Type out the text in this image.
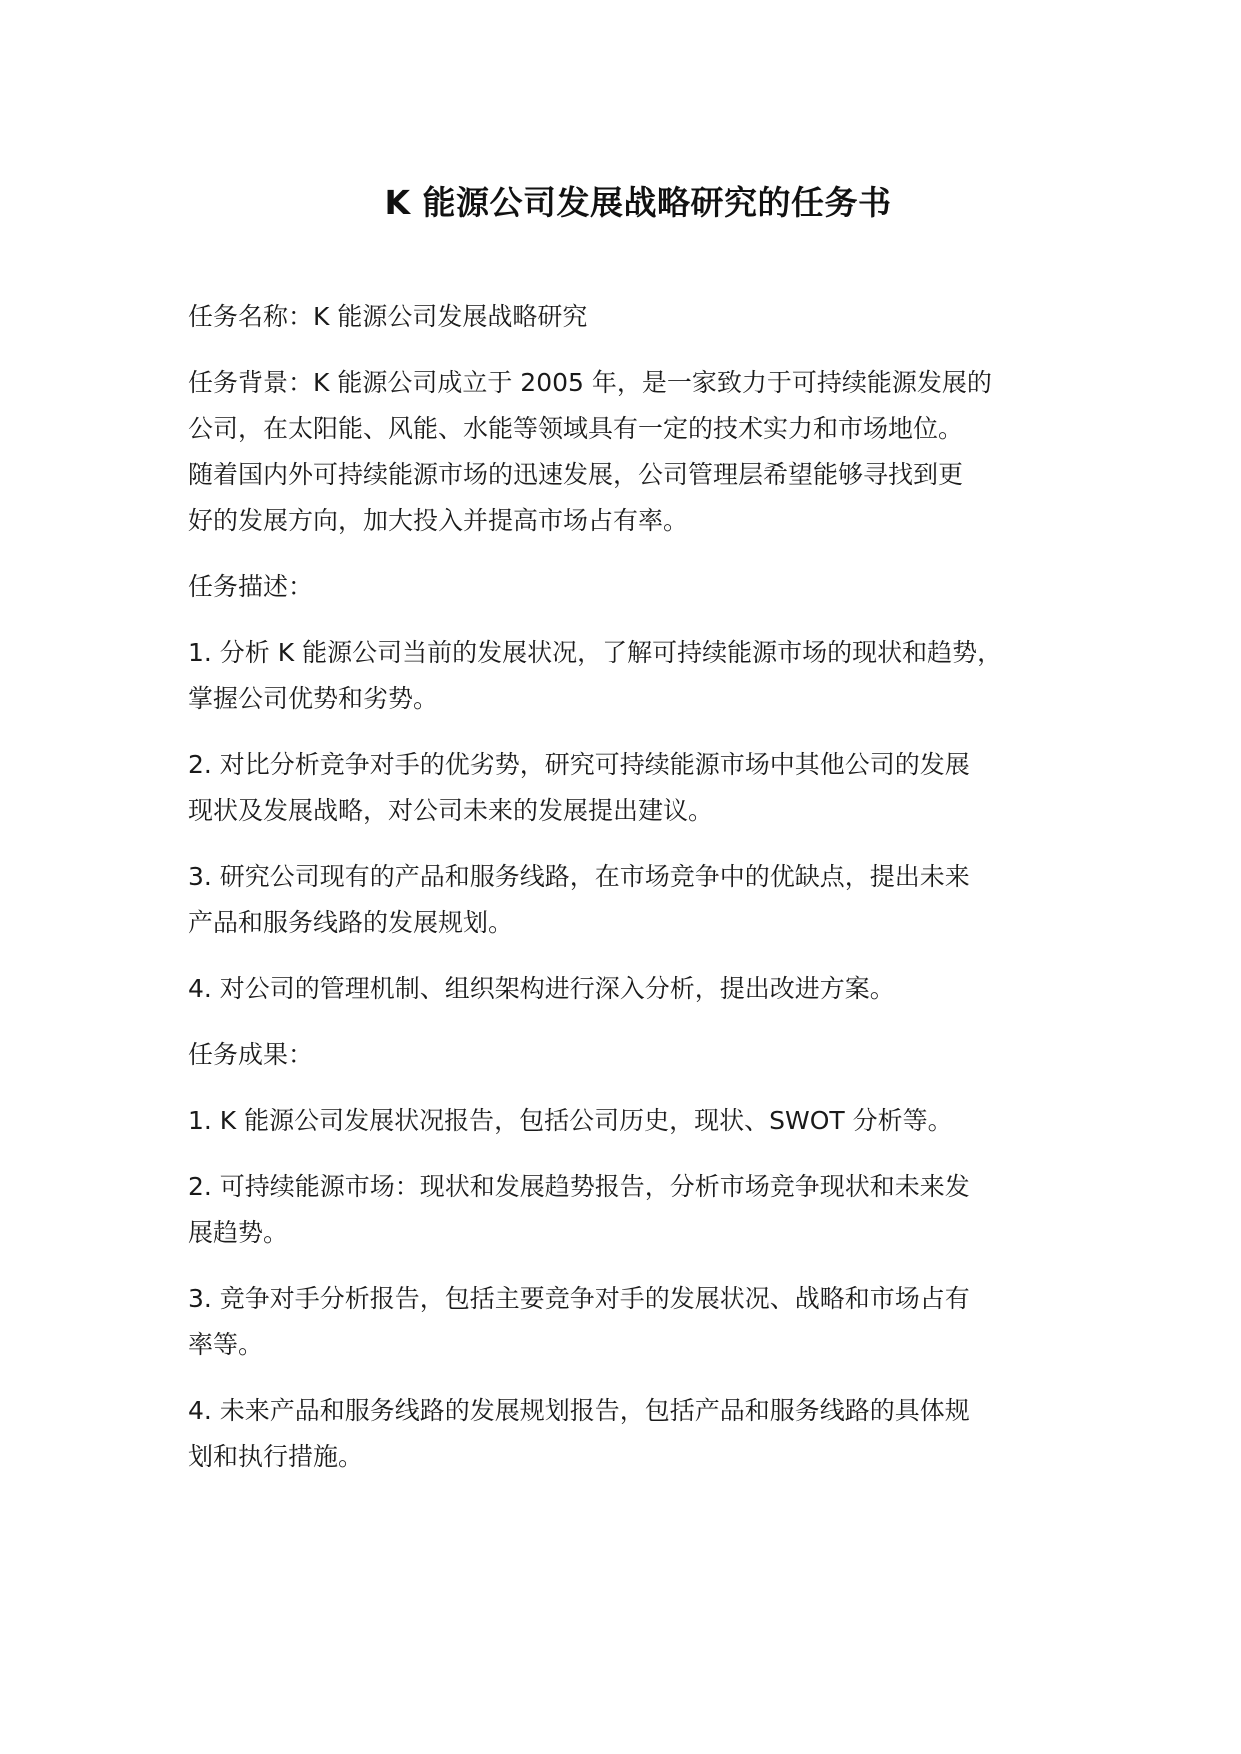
K 能源公司发展战略研究的任务书

任务名称：K 能源公司发展战略研究

任务背景：K 能源公司成立于 2005 年，是一家致力于可持续能源发展的
公司，在太阳能、风能、水能等领域具有一定的技术实力和市场地位。
随着国内外可持续能源市场的迅速发展，公司管理层希望能够寻找到更
好的发展方向，加大投入并提高市场占有率。

任务描述：

1. 分析 K 能源公司当前的发展状况，了解可持续能源市场的现状和趋势，
掌握公司优势和劣势。

2. 对比分析竞争对手的优劣势，研究可持续能源市场中其他公司的发展
现状及发展战略，对公司未来的发展提出建议。

3. 研究公司现有的产品和服务线路，在市场竞争中的优缺点，提出未来
产品和服务线路的发展规划。

4. 对公司的管理机制、组织架构进行深入分析，提出改进方案。

任务成果：

1. K 能源公司发展状况报告，包括公司历史，现状、SWOT 分析等。

2. 可持续能源市场：现状和发展趋势报告，分析市场竞争现状和未来发
展趋势。

3. 竞争对手分析报告，包括主要竞争对手的发展状况、战略和市场占有
率等。

4. 未来产品和服务线路的发展规划报告，包括产品和服务线路的具体规
划和执行措施。
